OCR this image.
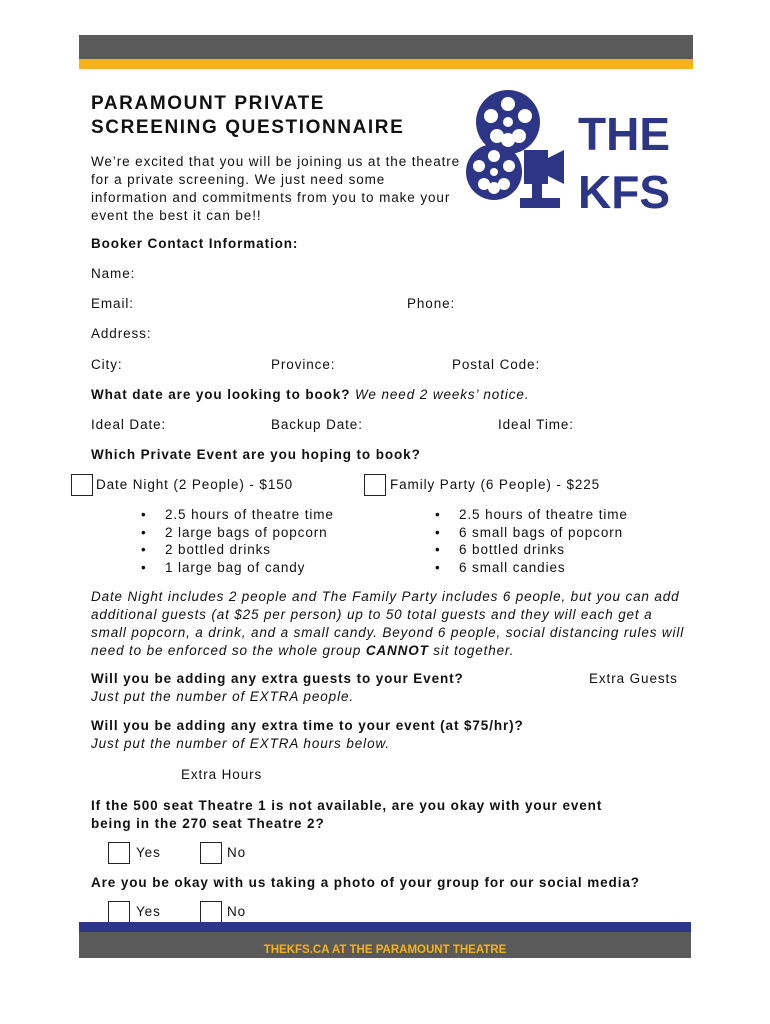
PARAMOUNT PRIVATE
SCREENING QUESTIONNAIRE
We’re excited that you will be joining us at the theatre for a private screening. We just need some information and commitments from you to make your event the best it can be!!
THE
KFS
Booker Contact Information:
Name:
Email:	Phone:
Address:
City:	Province:	Postal Code:
What date are you looking to book? We need 2 weeks’ notice.
Ideal Date:	Backup Date:	Ideal Time:
Which Private Event are you hoping to book?
Date Night (2 People) - $150	Family Party (6 People) - $225
• 2.5 hours of theatre time
• 2 large bags of popcorn
• 2 bottled drinks
• 1 large bag of candy
• 2.5 hours of theatre time
• 6 small bags of popcorn
• 6 bottled drinks
• 6 small candies
Date Night includes 2 people and The Family Party includes 6 people, but you can add additional guests (at $25 per person) up to 50 total guests and they will each get a small popcorn, a drink, and a small candy. Beyond 6 people, social distancing rules will need to be enforced so the whole group CANNOT sit together.
Will you be adding any extra guests to your Event?
Just put the number of EXTRA people.
Extra Guests
Will you be adding any extra time to your event (at $75/hr)?
Just put the number of EXTRA hours below.
Extra Hours
If the 500 seat Theatre 1 is not available, are you okay with your event
being in the 270 seat Theatre 2?
Yes	No
Are you be okay with us taking a photo of your group for our social media?
Yes	No
THEKFS.CA AT THE PARAMOUNT THEATRE
